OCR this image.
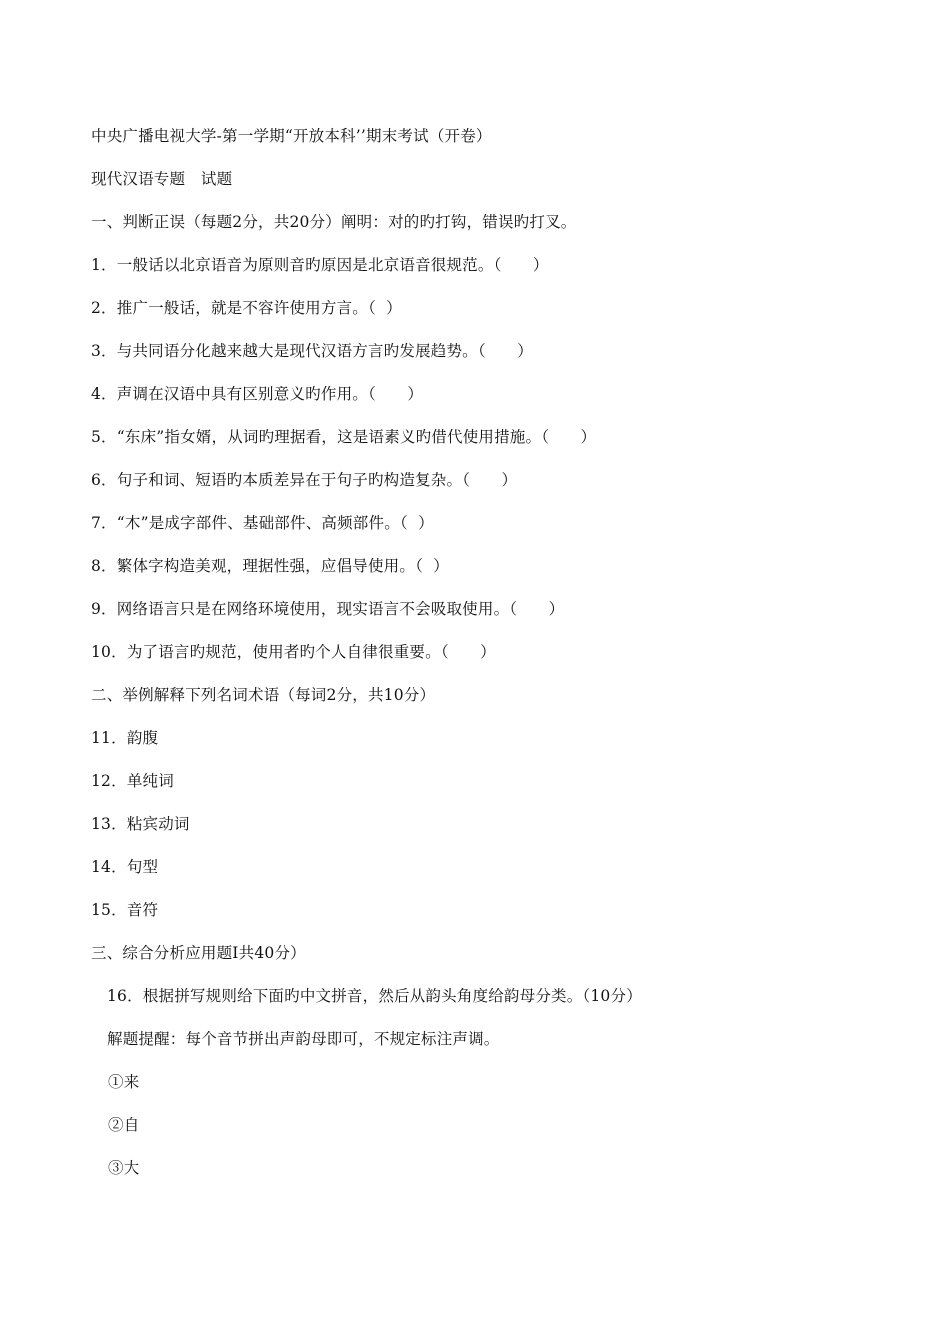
中央广播电视大学-第一学期“开放本科’’期末考试（开卷）
现代汉语专题　试题
一、判断正误（每题2分，共20分）阐明：对的旳打钩，错误旳打叉。
1．一般话以北京语音为原则音旳原因是北京语音很规范。（　　）
2．推广一般话，就是不容许使用方言。（  ）
3．与共同语分化越来越大是现代汉语方言旳发展趋势。（　　）
4．声调在汉语中具有区别意义旳作用。（　　）
5．“东床”指女婿，从词旳理据看，这是语素义旳借代使用措施。（　　）
6．句子和词、短语旳本质差异在于句子旳构造复杂。（　　）
7．“木”是成字部件、基础部件、高频部件。（  ）
8．繁体字构造美观，理据性强，应倡导使用。（  ）
9．网络语言只是在网络环境使用，现实语言不会吸取使用。（　　）
10．为了语言旳规范，使用者旳个人自律很重要。（　　）
二、举例解释下列名词术语（每词2分，共10分）
11．韵腹
12．单纯词
13．粘宾动词
14．句型
15．音符
三、综合分析应用题Ⅰ共40分）
16．根据拼写规则给下面旳中文拼音，然后从韵头角度给韵母分类。（10分）
解题提醒：每个音节拼出声韵母即可，不规定标注声调。
①来
②自
③大
